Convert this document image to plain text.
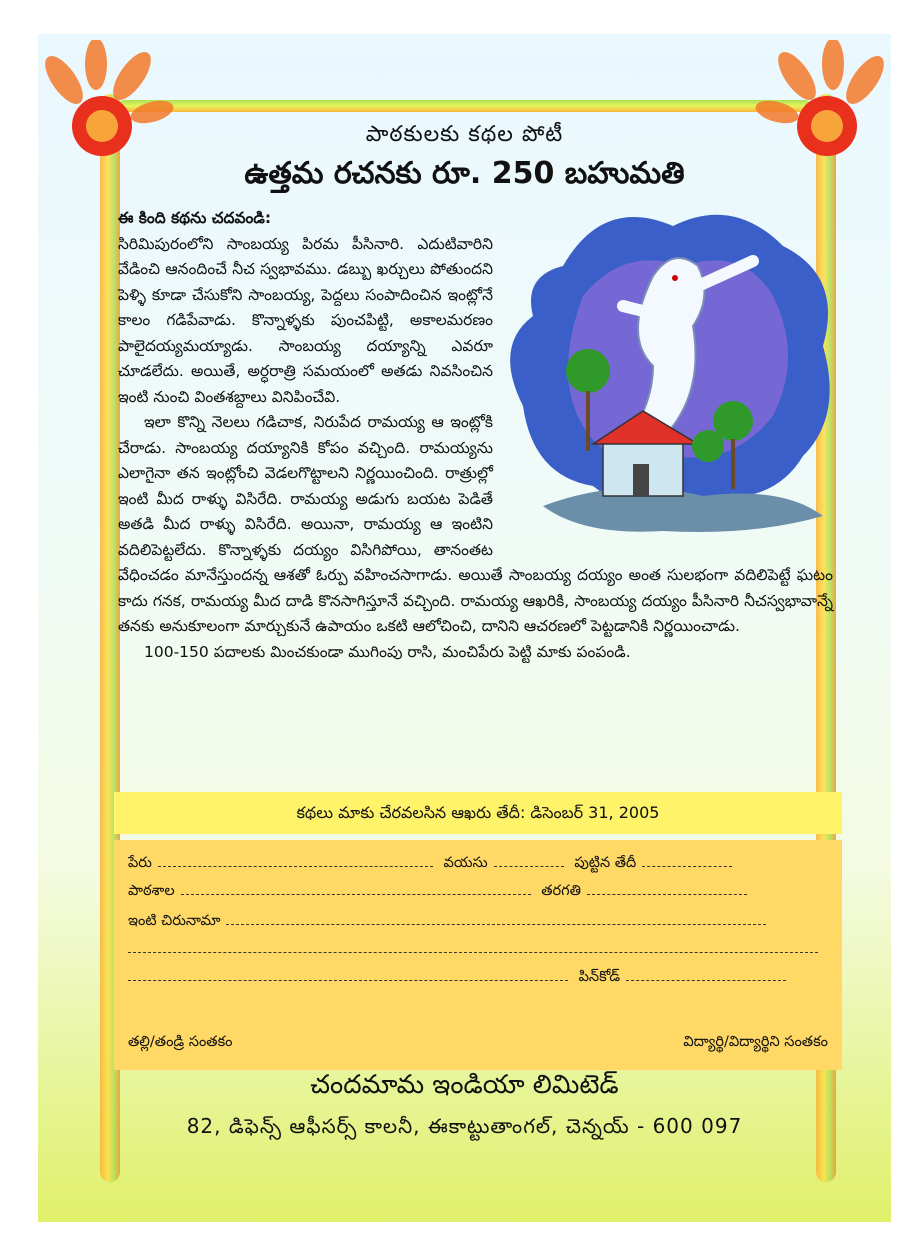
పాఠకులకు కథల పోటీ
ఉత్తమ రచనకు రూ. 250 బహుమతి
ఈ కింది కథను చదవండి:

సిరిమిపురంలోని సాంబయ్య పిరమ పీసినారి. ఎదుటివారిని వేడించి ఆనందించే నీచ స్వభావము. డబ్బు ఖర్చులు పోతుందని పెళ్ళి కూడా చేసుకోని సాంబయ్య, పెద్దలు సంపాదించిన ఇంట్లోనే కాలం గడిపేవాడు. కొన్నాళ్ళకు పుంచపిట్టి, అకాలమరణం పాలైదయ్యమయ్యాడు. సాంబయ్య దయ్యాన్ని ఎవరూ చూడలేదు. అయితే, అర్ధరాత్రి సమయంలో అతడు నివసించిన ఇంటి నుంచి వింతశబ్దాలు వినిపించేవి.

ఇలా కొన్ని నెలలు గడిచాక, నిరుపేద రామయ్య ఆ ఇంట్లోకి చేరాడు. సాంబయ్య దయ్యానికి కోపం వచ్చింది. రామయ్యను ఎలాగైనా తన ఇంట్లోంచి వెడలగొట్టాలని నిర్ణయించింది. రాత్రుల్లో ఇంటి మీద రాళ్ళు విసిరేది. రామయ్య అడుగు బయట పెడితే అతడి మీద రాళ్ళు విసిరేది. అయినా, రామయ్య ఆ ఇంటిని వదిలిపెట్టలేదు. కొన్నాళ్ళకు దయ్యం విసిగిపోయి, తానంతట వేధించడం మానేస్తుందన్న ఆశతో ఓర్పు వహించసాగాడు. అయితే సాంబయ్య దయ్యం అంత సులభంగా వదిలిపెట్టే ఘటం కాదు గనక, రామయ్య మీద దాడి కొనసాగిస్తూనే వచ్చింది. రామయ్య ఆఖరికి, సాంబయ్య దయ్యం పీసినారి నీచస్వభావాన్నే తనకు అనుకూలంగా మార్చుకునే ఉపాయం ఒకటి ఆలోచించి, దానిని ఆచరణలో పెట్టడానికి నిర్ణయించాడు.

100-150 పదాలకు మించకుండా ముగింపు రాసి, మంచిపేరు పెట్టి మాకు పంపండి.

కథలు మాకు చేరవలసిన ఆఖరు తేదీ: డిసెంబర్ 31, 2005
పేరు	వయసు	పుట్టిన తేదీ
పాఠశాల	తరగతి
ఇంటి చిరునామా
పిన్‌కోడ్
తల్లి/తండ్రి సంతకం	విద్యార్థి/విద్యార్థిని సంతకం
చందమామ ఇండియా లిమిటెడ్
82, డిఫెన్స్ ఆఫీసర్స్ కాలనీ, ఈకాట్టుతాంగల్, చెన్నయ్ - 600 097
